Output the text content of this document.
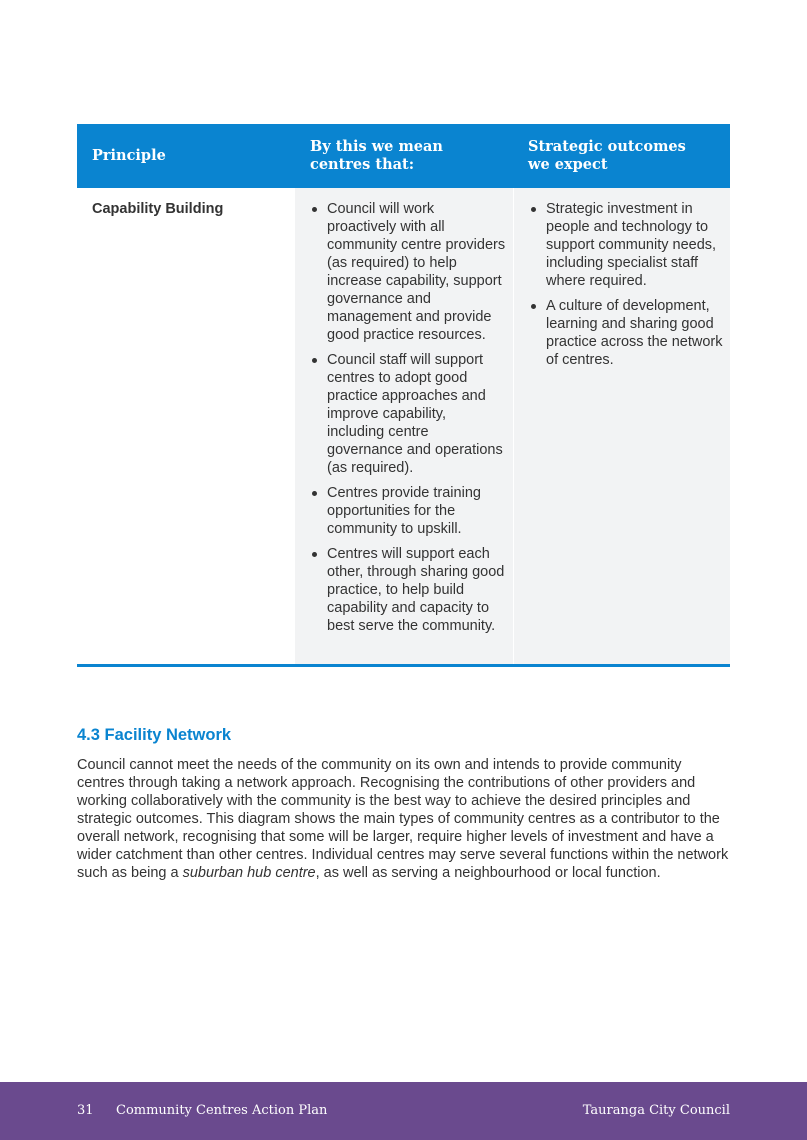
Principle
By this we mean
centres that:
Strategic outcomes
we expect
Capability Building	Council will work proactively with all community centre providers (as required) to help increase capability, support governance and management and provide good practice resources.
Council staff will support centres to adopt good practice approaches and improve capability, including centre governance and operations (as required).
Centres provide training opportunities for the community to upskill.
Centres will support each other, through sharing good practice, to help build capability and capacity to best serve the community.
Strategic investment in people and technology to support community needs, including specialist staff where required.
A culture of development, learning and sharing good practice across the network of centres.
4.3 Facility Network

Council cannot meet the needs of the community on its own and intends to provide community centres through taking a network approach. Recognising the contributions of other providers and working collaboratively with the community is the best way to achieve the desired principles and strategic outcomes. This diagram shows the main types of community centres as a contributor to the overall network, recognising that some will be larger, require higher levels of investment and have a wider catchment than other centres. Individual centres may serve several functions within the network such as being a suburban hub centre, as well as serving a neighbourhood or local function.

31 Community Centres Action Plan	Tauranga City Council
